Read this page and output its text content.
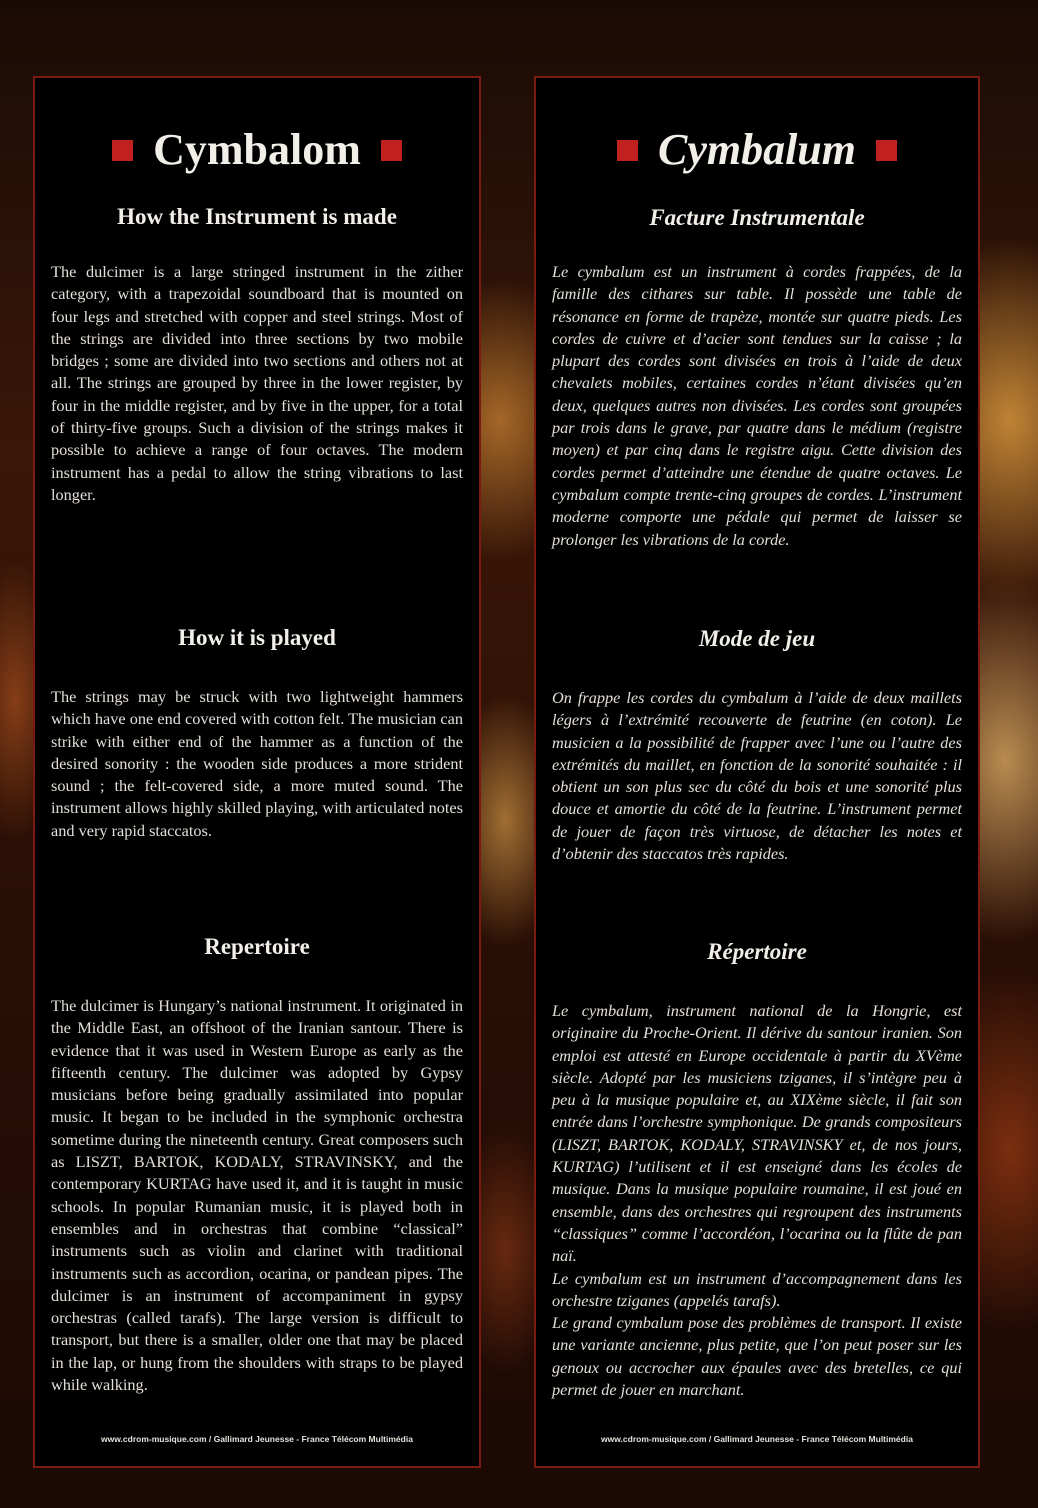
Cymbalom
How the Instrument is made

The dulcimer is a large stringed instrument in the zither category, with a trapezoidal soundboard that is mounted on four legs and stretched with copper and steel strings. Most of the strings are divided into three sections by two mobile bridges ; some are divided into two sections and others not at all. The strings are grouped by three in the lower register, by four in the middle register, and by five in the upper, for a total of thirty-five groups. Such a division of the strings makes it possible to achieve a range of four octaves. The modern instrument has a pedal to allow the string vibrations to last longer.

How it is played

The strings may be struck with two lightweight hammers which have one end covered with cotton felt. The musician can strike with either end of the hammer as a function of the desired sonority : the wooden side produces a more strident sound ; the felt-covered side, a more muted sound. The instrument allows highly skilled playing, with articulated notes and very rapid staccatos.

Repertoire

The dulcimer is Hungary’s national instrument. It originated in the Middle East, an offshoot of the Iranian santour. There is evidence that it was used in Western Europe as early as the fifteenth century. The dulcimer was adopted by Gypsy musicians before being gradually assimilated into popular music. It began to be included in the symphonic orchestra sometime during the nineteenth century. Great composers such as LISZT, BARTOK, KODALY, STRAVINSKY, and the contemporary KURTAG have used it, and it is taught in music schools. In popular Rumanian music, it is played both in ensembles and in orchestras that combine “classical” instruments such as violin and clarinet with traditional instruments such as accordion, ocarina, or pandean pipes. The dulcimer is an instrument of accompaniment in gypsy orchestras (called tarafs). The large version is difficult to transport, but there is a smaller, older one that may be placed in the lap, or hung from the shoulders with straps to be played while walking.

www.cdrom-musique.com / Gallimard Jeunesse - France Télécom Multimédia
Cymbalum
Facture Instrumentale

Le cymbalum est un instrument à cordes frappées, de la famille des cithares sur table. Il possède une table de résonance en forme de trapèze, montée sur quatre pieds. Les cordes de cuivre et d’acier sont tendues sur la caisse ; la plupart des cordes sont divisées en trois à l’aide de deux chevalets mobiles, certaines cordes n’étant divisées qu’en deux, quelques autres non divisées. Les cordes sont groupées par trois dans le grave, par quatre dans le médium (registre moyen) et par cinq dans le registre aigu. Cette division des cordes permet d’atteindre une étendue de quatre octaves. Le cymbalum compte trente-cinq groupes de cordes. L’instrument moderne comporte une pédale qui permet de laisser se prolonger les vibrations de la corde.

Mode de jeu

On frappe les cordes du cymbalum à l’aide de deux maillets légers à l’extrémité recouverte de feutrine (en coton). Le musicien a la possibilité de frapper avec l’une ou l’autre des extrémités du maillet, en fonction de la sonorité souhaitée : il obtient un son plus sec du côté du bois et une sonorité plus douce et amortie du côté de la feutrine. L’instrument permet de jouer de façon très virtuose, de détacher les notes et d’obtenir des staccatos très rapides.

Répertoire

Le cymbalum, instrument national de la Hongrie, est originaire du Proche-Orient. Il dérive du santour iranien. Son emploi est attesté en Europe occidentale à partir du XVème siècle. Adopté par les musiciens tziganes, il s’intègre peu à peu à la musique populaire et, au XIXème siècle, il fait son entrée dans l’orchestre symphonique. De grands compositeurs (LISZT, BARTOK, KODALY, STRAVINSKY et, de nos jours, KURTAG) l’utilisent et il est enseigné dans les écoles de musique. Dans la musique populaire roumaine, il est joué en ensemble, dans des orchestres qui regroupent des instruments “classiques” comme l’accordéon, l’ocarina ou la flûte de pan naï.

Le cymbalum est un instrument d’accompagnement dans les orchestre tziganes (appelés tarafs).

Le grand cymbalum pose des problèmes de transport. Il existe une variante ancienne, plus petite, que l’on peut poser sur les genoux ou accrocher aux épaules avec des bretelles, ce qui permet de jouer en marchant.

www.cdrom-musique.com / Gallimard Jeunesse - France Télécom Multimédia
